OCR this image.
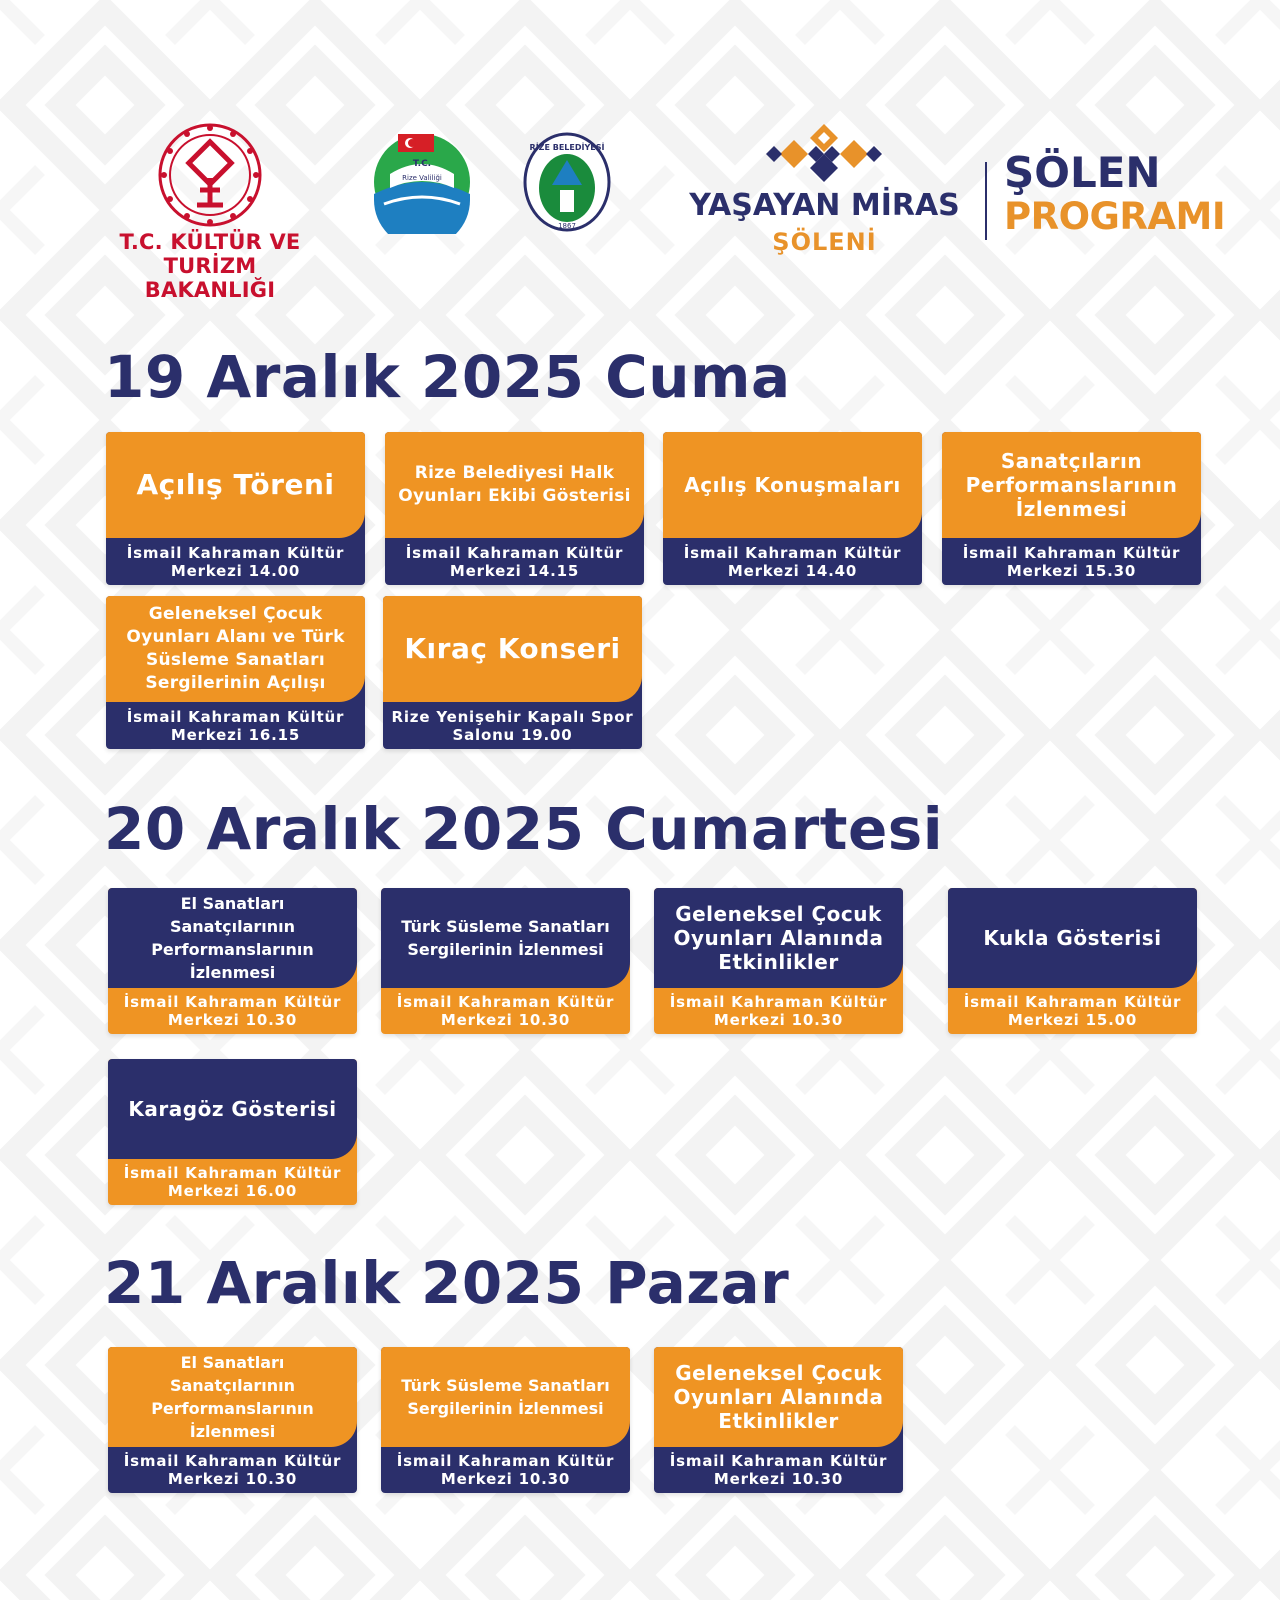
T.C. KÜLTÜR VE TURİZM
BAKANLIĞI
T.C.
Rize Valiliği
RİZE BELEDİYESİ
1867
YAŞAYAN MİRAS
ŞÖLENİ
ŞÖLEN
PROGRAMI
19 Aralık 2025 Cuma
Açılış Töreni
İsmail Kahraman Kültür Merkezi 14.00
Rize Belediyesi Halk Oyunları Ekibi Gösterisi
İsmail Kahraman Kültür Merkezi 14.15
Açılış Konuşmaları
İsmail Kahraman Kültür Merkezi 14.40
Sanatçıların Performanslarının İzlenmesi
İsmail Kahraman Kültür Merkezi 15.30
Geleneksel Çocuk Oyunları Alanı ve Türk Süsleme Sanatları Sergilerinin Açılışı
İsmail Kahraman Kültür Merkezi 16.15
Kıraç Konseri
Rize Yenişehir Kapalı Spor Salonu 19.00
20 Aralık 2025 Cumartesi
El Sanatları Sanatçılarının Performanslarının İzlenmesi
İsmail Kahraman Kültür Merkezi 10.30
Türk Süsleme Sanatları Sergilerinin İzlenmesi
İsmail Kahraman Kültür Merkezi 10.30
Geleneksel Çocuk Oyunları Alanında Etkinlikler
İsmail Kahraman Kültür Merkezi 10.30
Kukla Gösterisi
İsmail Kahraman Kültür Merkezi 15.00
Karagöz Gösterisi
İsmail Kahraman Kültür Merkezi 16.00
21 Aralık 2025 Pazar
El Sanatları Sanatçılarının Performanslarının İzlenmesi
İsmail Kahraman Kültür Merkezi 10.30
Türk Süsleme Sanatları Sergilerinin İzlenmesi
İsmail Kahraman Kültür Merkezi 10.30
Geleneksel Çocuk Oyunları Alanında Etkinlikler
İsmail Kahraman Kültür Merkezi 10.30
